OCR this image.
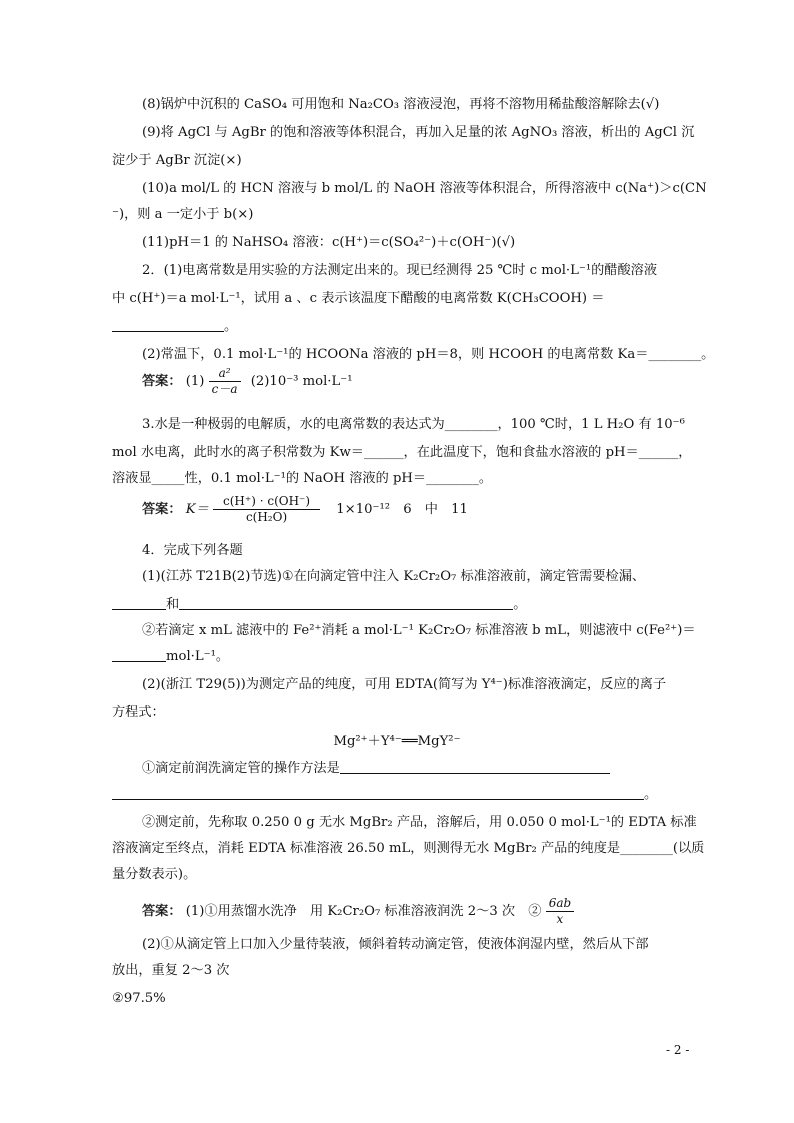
(8)锅炉中沉积的 CaSO₄ 可用饱和 Na₂CO₃ 溶液浸泡，再将不溶物用稀盐酸溶解除去(√)
(9)将 AgCl 与 AgBr 的饱和溶液等体积混合，再加入足量的浓 AgNO₃ 溶液，析出的 AgCl 沉
淀少于 AgBr 沉淀(×)
(10)a mol/L 的 HCN 溶液与 b mol/L 的 NaOH 溶液等体积混合，所得溶液中 c(Na⁺)＞c(CN
⁻)，则 a 一定小于 b(×)
(11)pH＝1 的 NaHSO₄ 溶液：c(H⁺)＝c(SO₄²⁻)＋c(OH⁻)(√)
2．(1)电离常数是用实验的方法测定出来的。现已经测得 25 ℃时 c mol·L⁻¹的醋酸溶液
中 c(H⁺)＝a mol·L⁻¹，试用 a 、c 表示该温度下醋酸的电离常数 K(CH₃COOH) ＝
。
(2)常温下，0.1 mol·L⁻¹的 HCOONa 溶液的 pH＝8，则 HCOOH 的电离常数 Ka＝________。
答案： $(1) \frac{\text{a²}}{c-a} (2)10^{-3}$ mol·L⁻¹
3.水是一种极弱的电解质，水的电离常数的表达式为________，100 ℃时，1 L H₂O 有 10⁻⁶
mol 水电离，此时水的离子积常数为 Kw＝______，在此温度下，饱和食盐水溶液的 pH＝______，
溶液显_____性，0.1 mol·L⁻¹的 NaOH 溶液的 pH＝________。
答案： $K= \frac{c(H^+) \cdot c(OH^-)}{\text{c(H₂O)}} 1\times 10^{-12}$　6　中　11
4．完成下列各题
(1)(江苏 T21B(2)节选)①在向滴定管中注入 K₂Cr₂O₇ 标准溶液前，滴定管需要检漏、
和	。
②若滴定 x mL 滤液中的 Fe²⁺消耗 a mol·L⁻¹ K₂Cr₂O₇ 标准溶液 b mL，则滤液中 c(Fe²⁺)＝
mol·L⁻¹。
(2)(浙江 T29(5))为测定产品的纯度，可用 EDTA(简写为 Y⁴⁻)标准溶液滴定，反应的离子
方程式：
Mg²⁺＋Y⁴⁻══MgY²⁻
①滴定前润洗滴定管的操作方法是
。
②测定前，先称取 0.250 0 g 无水 MgBr₂ 产品，溶解后，用 0.050 0 mol·L⁻¹的 EDTA 标准
溶液滴定至终点，消耗 EDTA 标准溶液 26.50 mL，则测得无水 MgBr₂ 产品的纯度是________(以质
量分数表示)。
答案： (1)①用蒸馏水洗净　用 K₂Cr₂O₇ 标准溶液润洗 2～3 次　② $\frac{6ab}{x}$
(2)①从滴定管上口加入少量待装液，倾斜着转动滴定管，使液体润湿内壁，然后从下部
放出，重复 2～3 次
②97.5%
- 2 -
